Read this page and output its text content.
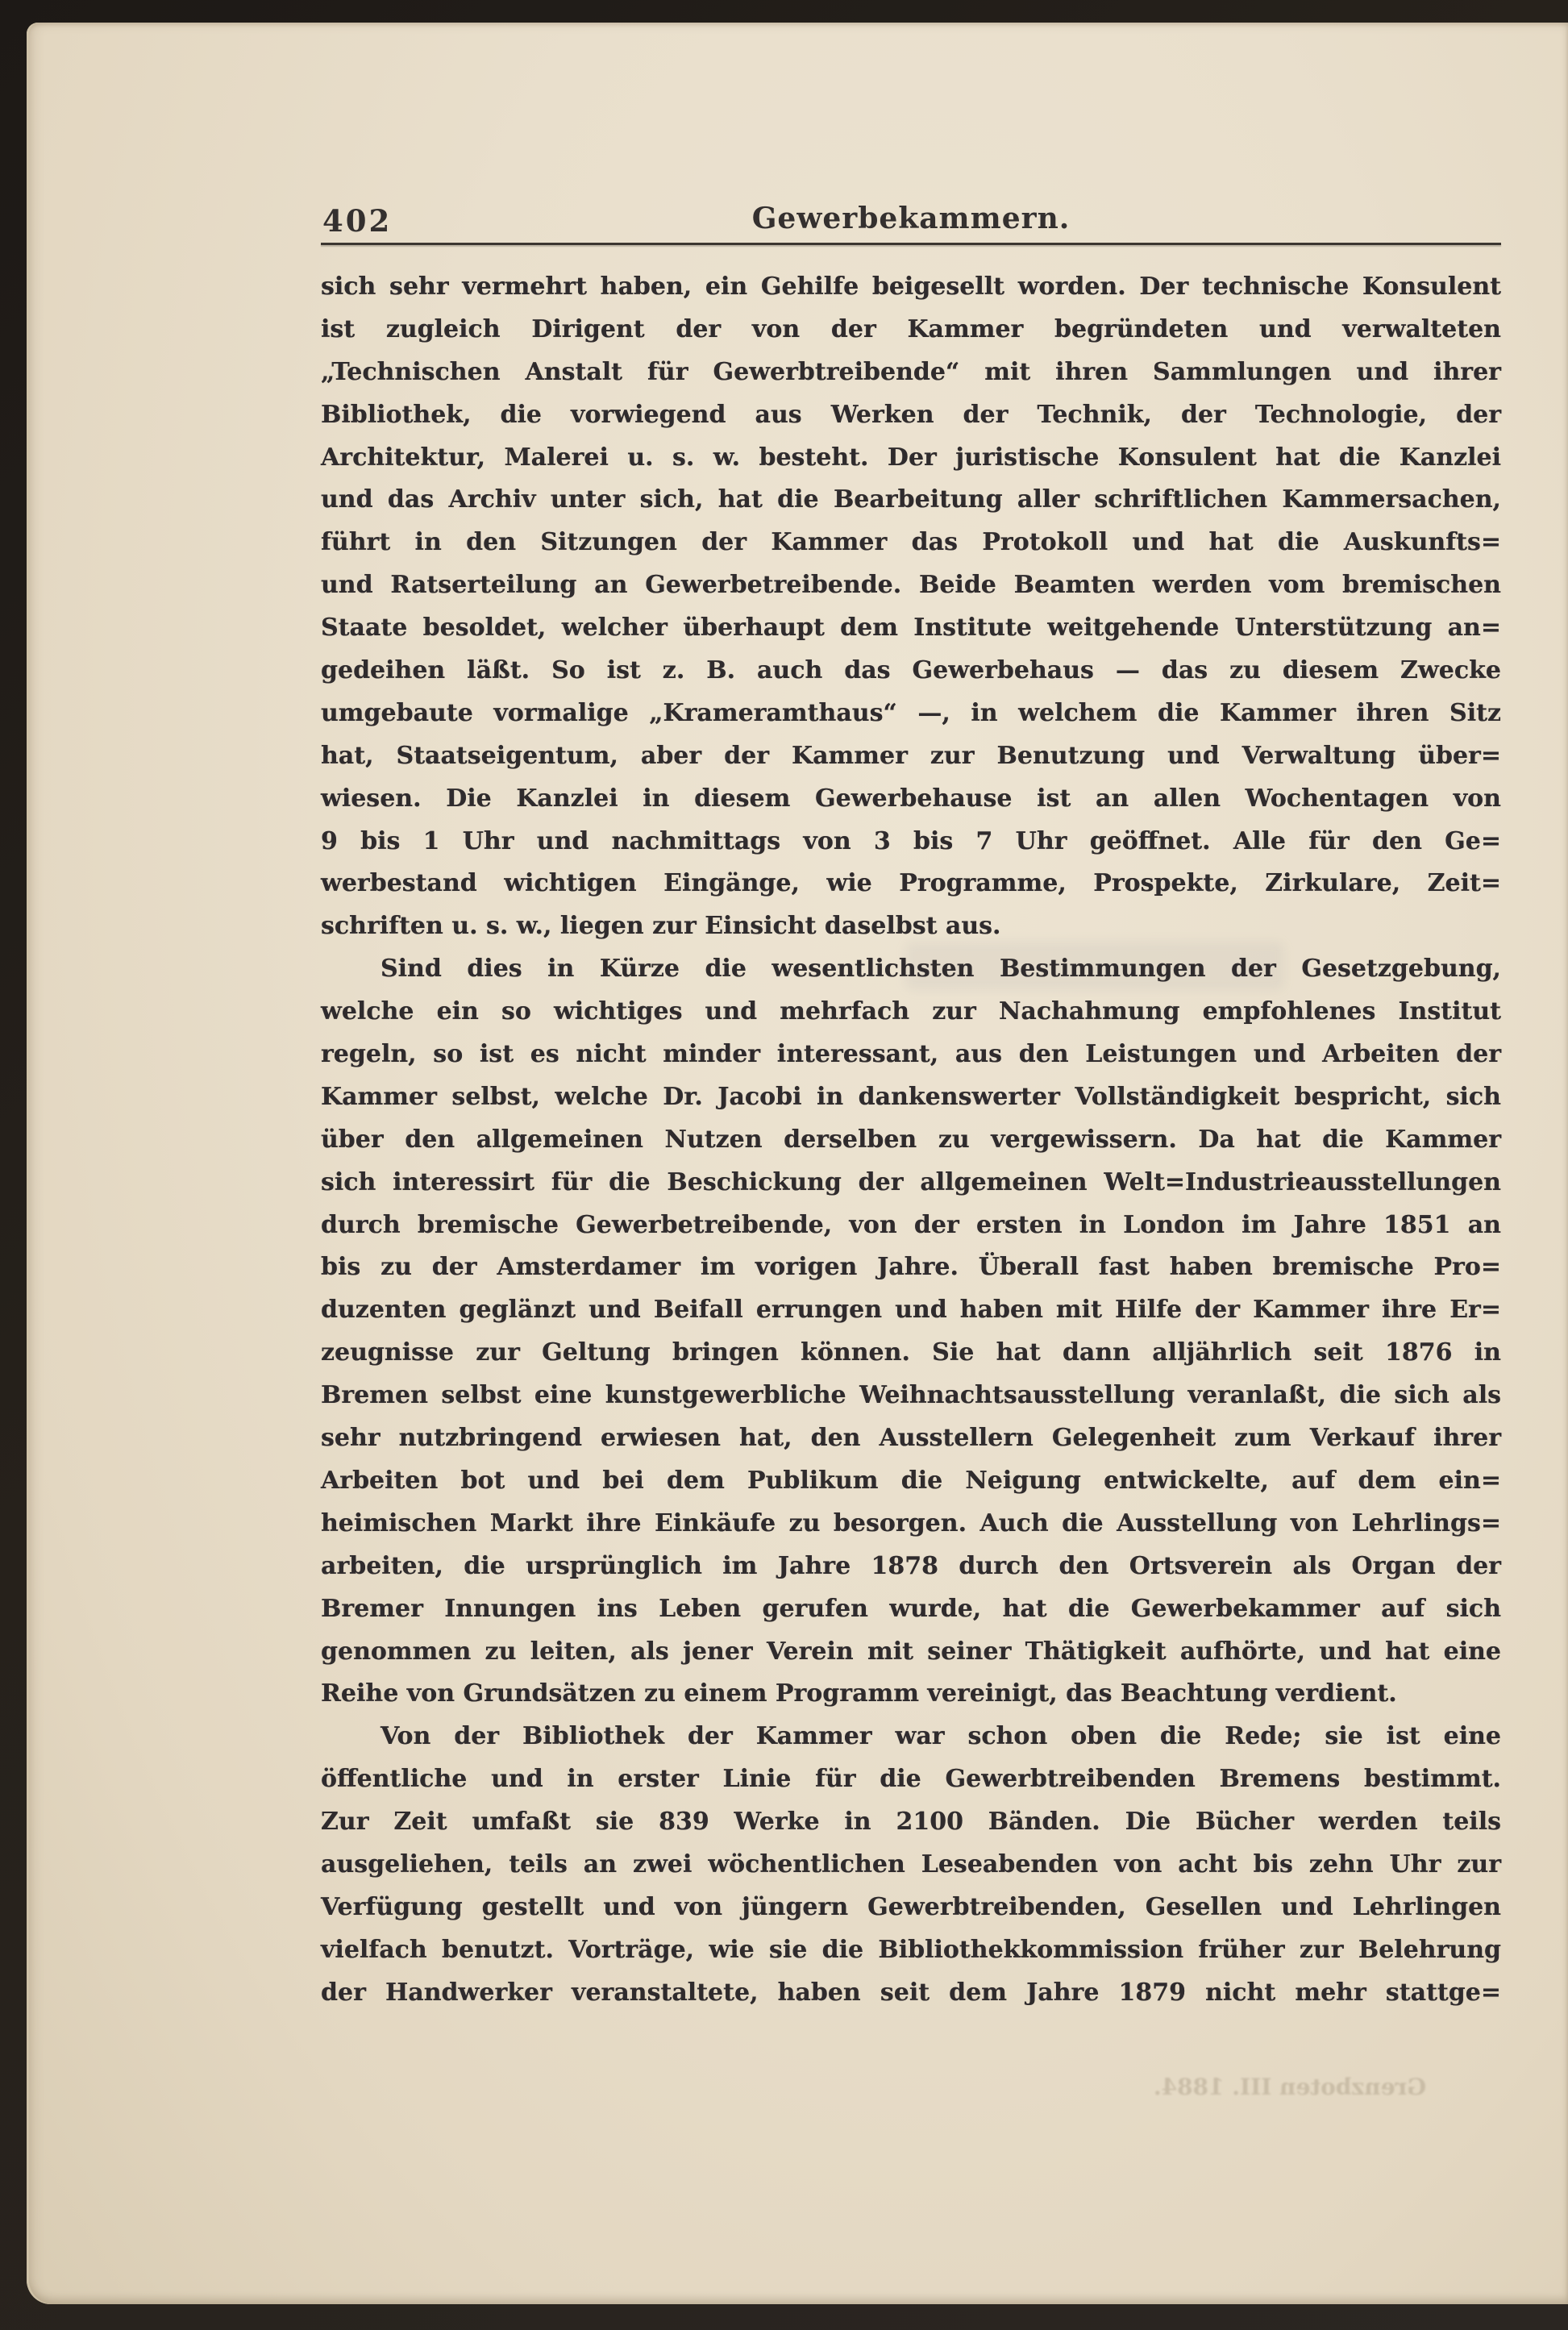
402	Gewerbekammern.
sich sehr vermehrt haben, ein Gehilfe beigesellt worden. Der technische Konsulent
ist zugleich Dirigent der von der Kammer begründeten und verwalteten
„Technischen Anstalt für Gewerbtreibende“ mit ihren Sammlungen und ihrer
Bibliothek, die vorwiegend aus Werken der Technik, der Technologie, der
Architektur, Malerei u. s. w. besteht. Der juristische Konsulent hat die Kanzlei
und das Archiv unter sich, hat die Bearbeitung aller schriftlichen Kammersachen,
führt in den Sitzungen der Kammer das Protokoll und hat die Auskunfts=
und Ratserteilung an Gewerbetreibende. Beide Beamten werden vom bremischen
Staate besoldet, welcher überhaupt dem Institute weitgehende Unterstützung an=
gedeihen läßt. So ist z. B. auch das Gewerbehaus — das zu diesem Zwecke
umgebaute vormalige „Krameramthaus“ —, in welchem die Kammer ihren Sitz
hat, Staatseigentum, aber der Kammer zur Benutzung und Verwaltung über=
wiesen. Die Kanzlei in diesem Gewerbehause ist an allen Wochentagen von
9 bis 1 Uhr und nachmittags von 3 bis 7 Uhr geöffnet. Alle für den Ge=
werbestand wichtigen Eingänge, wie Programme, Prospekte, Zirkulare, Zeit=
schriften u. s. w., liegen zur Einsicht daselbst aus.
Sind dies in Kürze die wesentlichsten Bestimmungen der Gesetzgebung,
welche ein so wichtiges und mehrfach zur Nachahmung empfohlenes Institut
regeln, so ist es nicht minder interessant, aus den Leistungen und Arbeiten der
Kammer selbst, welche Dr. Jacobi in dankenswerter Vollständigkeit bespricht, sich
über den allgemeinen Nutzen derselben zu vergewissern. Da hat die Kammer
sich interessirt für die Beschickung der allgemeinen Welt=Industrieausstellungen
durch bremische Gewerbetreibende, von der ersten in London im Jahre 1851 an
bis zu der Amsterdamer im vorigen Jahre. Überall fast haben bremische Pro=
duzenten geglänzt und Beifall errungen und haben mit Hilfe der Kammer ihre Er=
zeugnisse zur Geltung bringen können. Sie hat dann alljährlich seit 1876 in
Bremen selbst eine kunstgewerbliche Weihnachtsausstellung veranlaßt, die sich als
sehr nutzbringend erwiesen hat, den Ausstellern Gelegenheit zum Verkauf ihrer
Arbeiten bot und bei dem Publikum die Neigung entwickelte, auf dem ein=
heimischen Markt ihre Einkäufe zu besorgen. Auch die Ausstellung von Lehrlings=
arbeiten, die ursprünglich im Jahre 1878 durch den Ortsverein als Organ der
Bremer Innungen ins Leben gerufen wurde, hat die Gewerbekammer auf sich
genommen zu leiten, als jener Verein mit seiner Thätigkeit aufhörte, und hat eine
Reihe von Grundsätzen zu einem Programm vereinigt, das Beachtung verdient.
Von der Bibliothek der Kammer war schon oben die Rede; sie ist eine
öffentliche und in erster Linie für die Gewerbtreibenden Bremens bestimmt.
Zur Zeit umfaßt sie 839 Werke in 2100 Bänden. Die Bücher werden teils
ausgeliehen, teils an zwei wöchentlichen Leseabenden von acht bis zehn Uhr zur
Verfügung gestellt und von jüngern Gewerbtreibenden, Gesellen und Lehrlingen
vielfach benutzt. Vorträge, wie sie die Bibliothekkommission früher zur Belehrung
der Handwerker veranstaltete, haben seit dem Jahre 1879 nicht mehr stattge=
Grenzboten III. 1884.
